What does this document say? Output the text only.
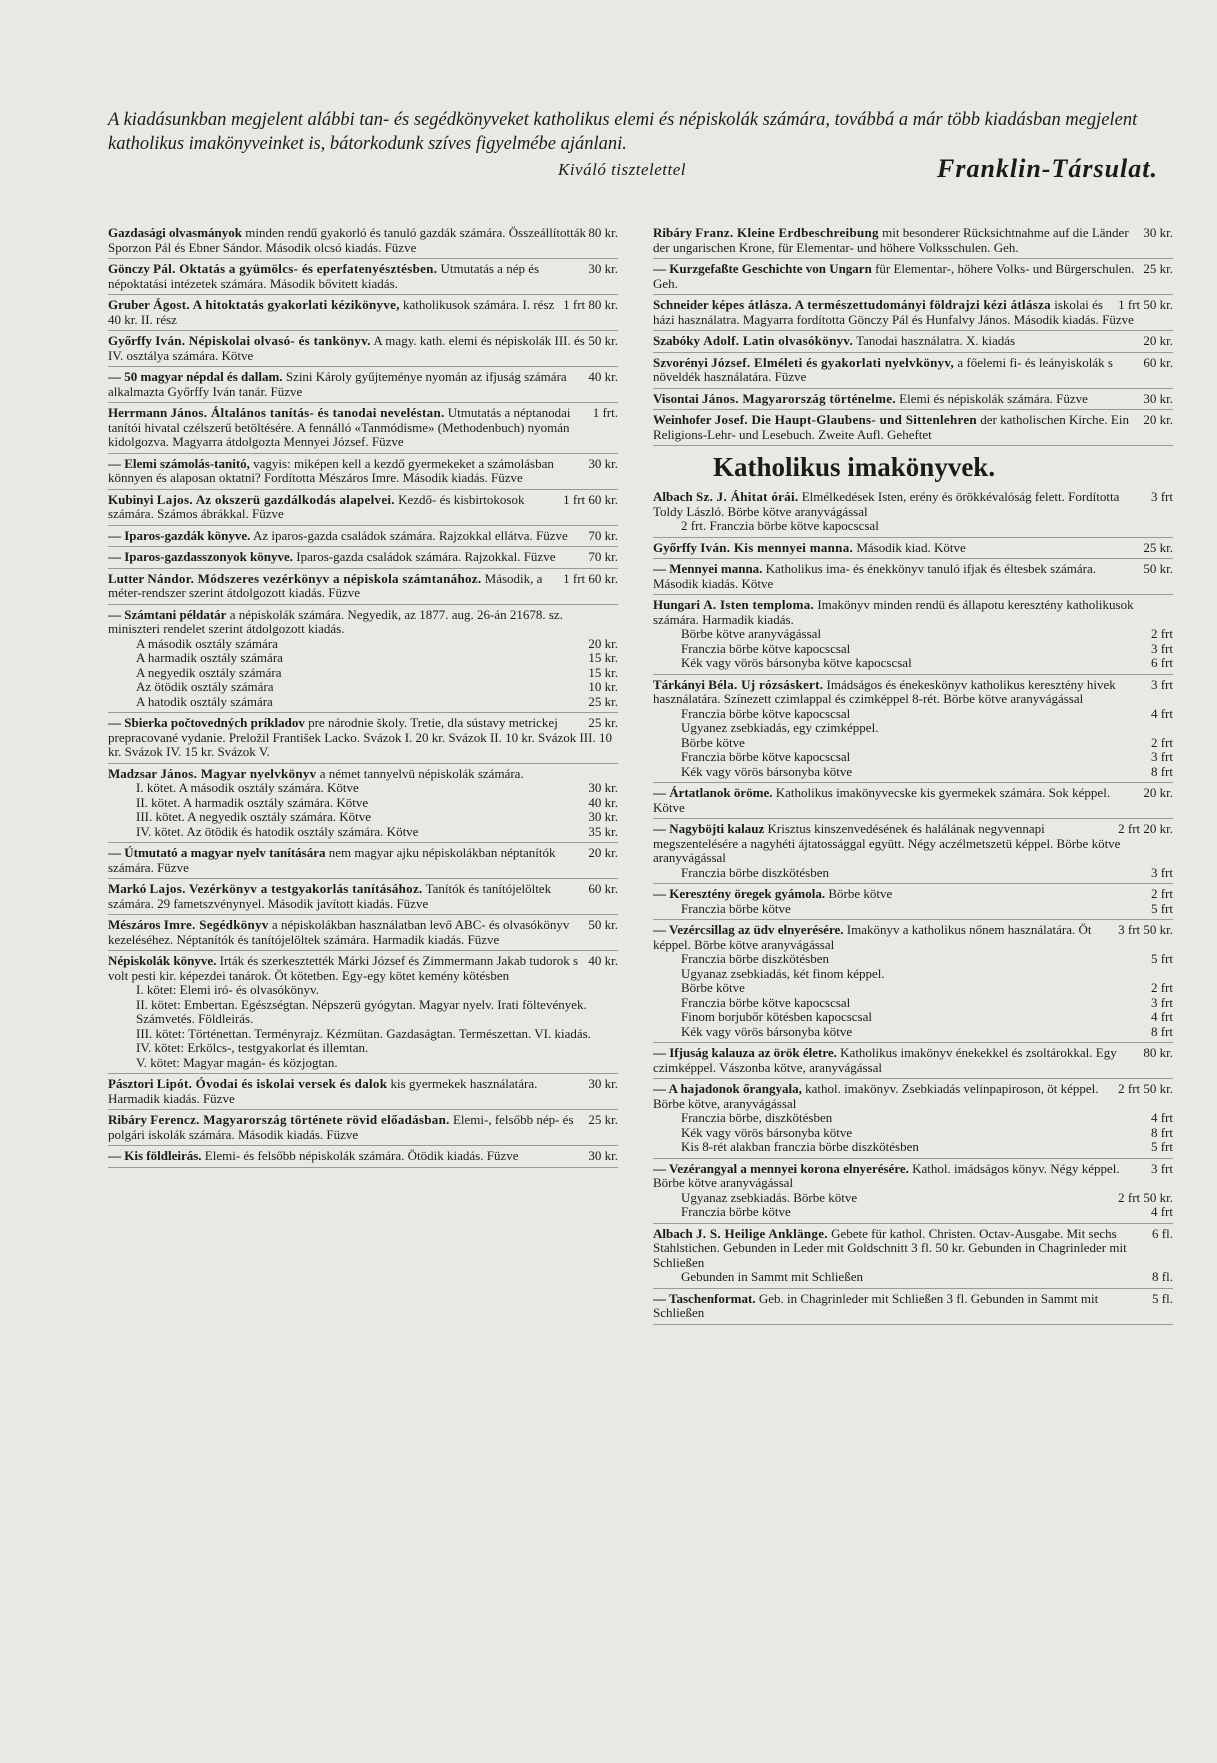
A kiadásunkban megjelent alábbi tan- és segédkönyveket katholikus elemi és népiskolák számára, továbbá a már több kiadásban megjelent katholikus imakönyveinket is, bátorkodunk szíves figyelmébe ajánlani.

Kiváló tisztelettel	Franklin-Társulat.
80 kr.
Gazdasági olvasmányok minden rendű gyakorló és tanuló gazdák számára. Összeállították Sporzon Pál és Ebner Sándor. Második olcsó kiadás. Füzve
30 kr.
Gönczy Pál. Oktatás a gyümölcs- és eperfatenyésztésben. Utmutatás a nép és népoktatási intézetek számára. Második bővitett kiadás.
1 frt 80 kr.
Gruber Ágost. A hitoktatás gyakorlati kézikönyve, katholikusok számára. I. rész 40 kr. II. rész
50 kr.
Győrffy Iván. Népiskolai olvasó- és tankönyv. A magy. kath. elemi és népiskolák III. és IV. osztálya számára. Kötve
40 kr.
— 50 magyar népdal és dallam. Szini Károly gyűjteménye nyomán az ifjuság számára alkalmazta Győrffy Iván tanár. Füzve
1 frt.
Herrmann János. Általános tanítás- és tanodai neveléstan. Utmutatás a néptanodai tanítói hivatal czélszerű betöltésére. A fennálló «Tanmódisme» (Methodenbuch) nyomán kidolgozva. Magyarra átdolgozta Mennyei József. Füzve
30 kr.
— Elemi számolás-tanitó, vagyis: miképen kell a kezdő gyermekeket a számolásban könnyen és alaposan oktatni? Fordította Mészáros Imre. Második kiadás. Füzve
1 frt 60 kr.
Kubinyi Lajos. Az okszerü gazdálkodás alapelvei. Kezdő- és kisbirtokosok számára. Számos ábrákkal. Füzve
70 kr.
— Iparos-gazdák könyve. Az iparos-gazda családok számára. Rajzokkal ellátva. Füzve
70 kr.
— Iparos-gazdasszonyok könyve. Iparos-gazda családok számára. Rajzokkal. Füzve
1 frt 60 kr.
Lutter Nándor. Módszeres vezérkönyv a népiskola számtanához. Második, a méter-rendszer szerint átdolgozott kiadás. Füzve
— Számtani példatár a népiskolák számára. Negyedik, az 1877. aug. 26-án 21678. sz. miniszteri rendelet szerint átdolgozott kiadás.
20 kr.
A második osztály számára
15 kr.
A harmadik osztály számára
15 kr.
A negyedik osztály számára
10 kr.
Az ötödik osztály számára
25 kr.
A hatodik osztály számára
25 kr.
— Sbierka počtovedných príkladov pre národnie školy. Tretie, dla sústavy metrickej prepracované vydanie. Preložil František Lacko. Svázok I. 20 kr. Svázok II. 10 kr. Svázok III. 10 kr. Svázok IV. 15 kr. Svázok V.
Madzsar János. Magyar nyelvkönyv a német tannyelvü népiskolák számára.
30 kr.
I. kötet. A második osztály számára. Kötve
40 kr.
II. kötet. A harmadik osztály számára. Kötve
30 kr.
III. kötet. A negyedik osztály számára. Kötve
35 kr.
IV. kötet. Az ötödik és hatodik osztály számára. Kötve
20 kr.
— Útmutató a magyar nyelv tanítására nem magyar ajku népiskolákban néptanítók számára. Füzve
60 kr.
Markó Lajos. Vezérkönyv a testgyakorlás tanításához. Tanítók és tanítójelöltek számára. 29 fametszvénynyel. Második javított kiadás. Füzve
50 kr.
Mészáros Imre. Segédkönyv a népiskolákban használatban levő ABC- és olvasókönyv kezeléséhez. Néptanítók és tanítójelöltek számára. Harmadik kiadás. Füzve
40 kr.
Népiskolák könyve. Irták és szerkesztették Márki József és Zimmermann Jakab tudorok s volt pesti kir. képezdei tanárok. Öt kötetben. Egy-egy kötet kemény kötésben
I. kötet: Elemi iró- és olvasókönyv.
II. kötet: Embertan. Egészségtan. Népszerü gyógytan. Magyar nyelv. Irati föltevények. Számvetés. Földleirás.
III. kötet: Történettan. Terményrajz. Kézmütan. Gazdaságtan. Természettan. VI. kiadás.
IV. kötet: Erkölcs-, testgyakorlat és illemtan.
V. kötet: Magyar magán- és közjogtan.
30 kr.
Pásztori Lipót. Óvodai és iskolai versek és dalok kis gyermekek használatára. Harmadik kiadás. Füzve
25 kr.
Ribáry Ferencz. Magyarország története rövid előadásban. Elemi-, felsőbb nép- és polgári iskolák számára. Második kiadás. Füzve
30 kr.
— Kis földleirás. Elemi- és felsőbb népiskolák számára. Ötödik kiadás. Füzve
30 kr.
Ribáry Franz. Kleine Erdbeschreibung mit besonderer Rücksichtnahme auf die Länder der ungarischen Krone, für Elementar- und höhere Volksschulen. Geh.
25 kr.
— Kurzgefaßte Geschichte von Ungarn für Elementar-, höhere Volks- und Bürgerschulen. Geh.
1 frt 50 kr.
Schneider képes átlásza. A természettudományi földrajzi kézi átlásza iskolai és házi használatra. Magyarra fordította Gönczy Pál és Hunfalvy János. Második kiadás. Füzve
20 kr.
Szabóky Adolf. Latin olvasókönyv. Tanodai használatra. X. kiadás
60 kr.
Szvorényi József. Elméleti és gyakorlati nyelvkönyv, a főelemi fi- és leányiskolák s növeldék használatára. Füzve
30 kr.
Visontai János. Magyarország történelme. Elemi és népiskolák számára. Füzve
20 kr.
Weinhofer Josef. Die Haupt-Glaubens- und Sittenlehren der katholischen Kirche. Ein Religions-Lehr- und Lesebuch. Zweite Aufl. Geheftet
Katholikus imakönyvek.
3 frt
Albach Sz. J. Áhitat órái. Elmélkedések Isten, erény és örökkévalóság felett. Fordította Toldy László. Börbe kötve aranyvágással
2 frt. Franczia börbe kötve kapocscsal
25 kr.
Győrffy Iván. Kis mennyei manna. Második kiad. Kötve
50 kr.
— Mennyei manna. Katholikus ima- és énekkönyv tanuló ifjak és éltesbek számára. Második kiadás. Kötve
Hungari A. Isten temploma. Imakönyv minden rendü és állapotu keresztény katholikusok számára. Harmadik kiadás.
2 frt
Börbe kötve aranyvágással
3 frt
Franczia börbe kötve kapocscsal
6 frt
Kék vagy vörös bársonyba kötve kapocscsal
3 frt
Tárkányi Béla. Uj rózsáskert. Imádságos és énekeskönyv katholikus keresztény hivek használatára. Színezett czimlappal és czimképpel 8-rét. Börbe kötve aranyvágással
4 frt
Franczia börbe kötve kapocscsal
Ugyanez zsebkiadás, egy czimképpel.
2 frt
Börbe kötve
3 frt
Franczia börbe kötve kapocscsal
8 frt
Kék vagy vörös bársonyba kötve
20 kr.
— Ártatlanok öröme. Katholikus imakönyvecske kis gyermekek számára. Sok képpel. Kötve
2 frt 20 kr.
— Nagyböjti kalauz Krisztus kinszenvedésének és halálának negyvennapi megszentelésére a nagyhéti ájtatossággal együtt. Négy aczélmetszetü képpel. Börbe kötve aranyvágással
3 frt
Franczia börbe diszkötésben
2 frt
— Keresztény öregek gyámola. Börbe kötve
5 frt
Franczia börbe kötve
3 frt 50 kr.
— Vezércsillag az üdv elnyerésére. Imakönyv a katholikus nőnem használatára. Öt képpel. Börbe kötve aranyvágással
5 frt
Franczia börbe diszkötésben
Ugyanaz zsebkiadás, két finom képpel.
2 frt
Börbe kötve
3 frt
Franczia börbe kötve kapocscsal
4 frt
Finom borjubőr kötésben kapocscsal
8 frt
Kék vagy vörös bársonyba kötve
80 kr.
— Ifjuság kalauza az örök életre. Katholikus imakönyv énekekkel és zsoltárokkal. Egy czimképpel. Vászonba kötve, aranyvágással
2 frt 50 kr.
— A hajadonok őrangyala, kathol. imakönyv. Zsebkiadás velinpapiroson, öt képpel. Börbe kötve, aranyvágással
4 frt
Franczia börbe, diszkötésben
8 frt
Kék vagy vörös bársonyba kötve
5 frt
Kis 8-rét alakban franczia börbe diszkötésben
3 frt
— Vezérangyal a mennyei korona elnyerésére. Kathol. imádságos könyv. Négy képpel. Börbe kötve aranyvágással
2 frt 50 kr.
Ugyanaz zsebkiadás. Börbe kötve
4 frt
Franczia börbe kötve
6 fl.
Albach J. S. Heilige Anklänge. Gebete für kathol. Christen. Octav-Ausgabe. Mit sechs Stahlstichen. Gebunden in Leder mit Goldschnitt 3 fl. 50 kr. Gebunden in Chagrinleder mit Schließen
8 fl.
Gebunden in Sammt mit Schließen
5 fl.
— Taschenformat. Geb. in Chagrinleder mit Schließen 3 fl. Gebunden in Sammt mit Schließen
